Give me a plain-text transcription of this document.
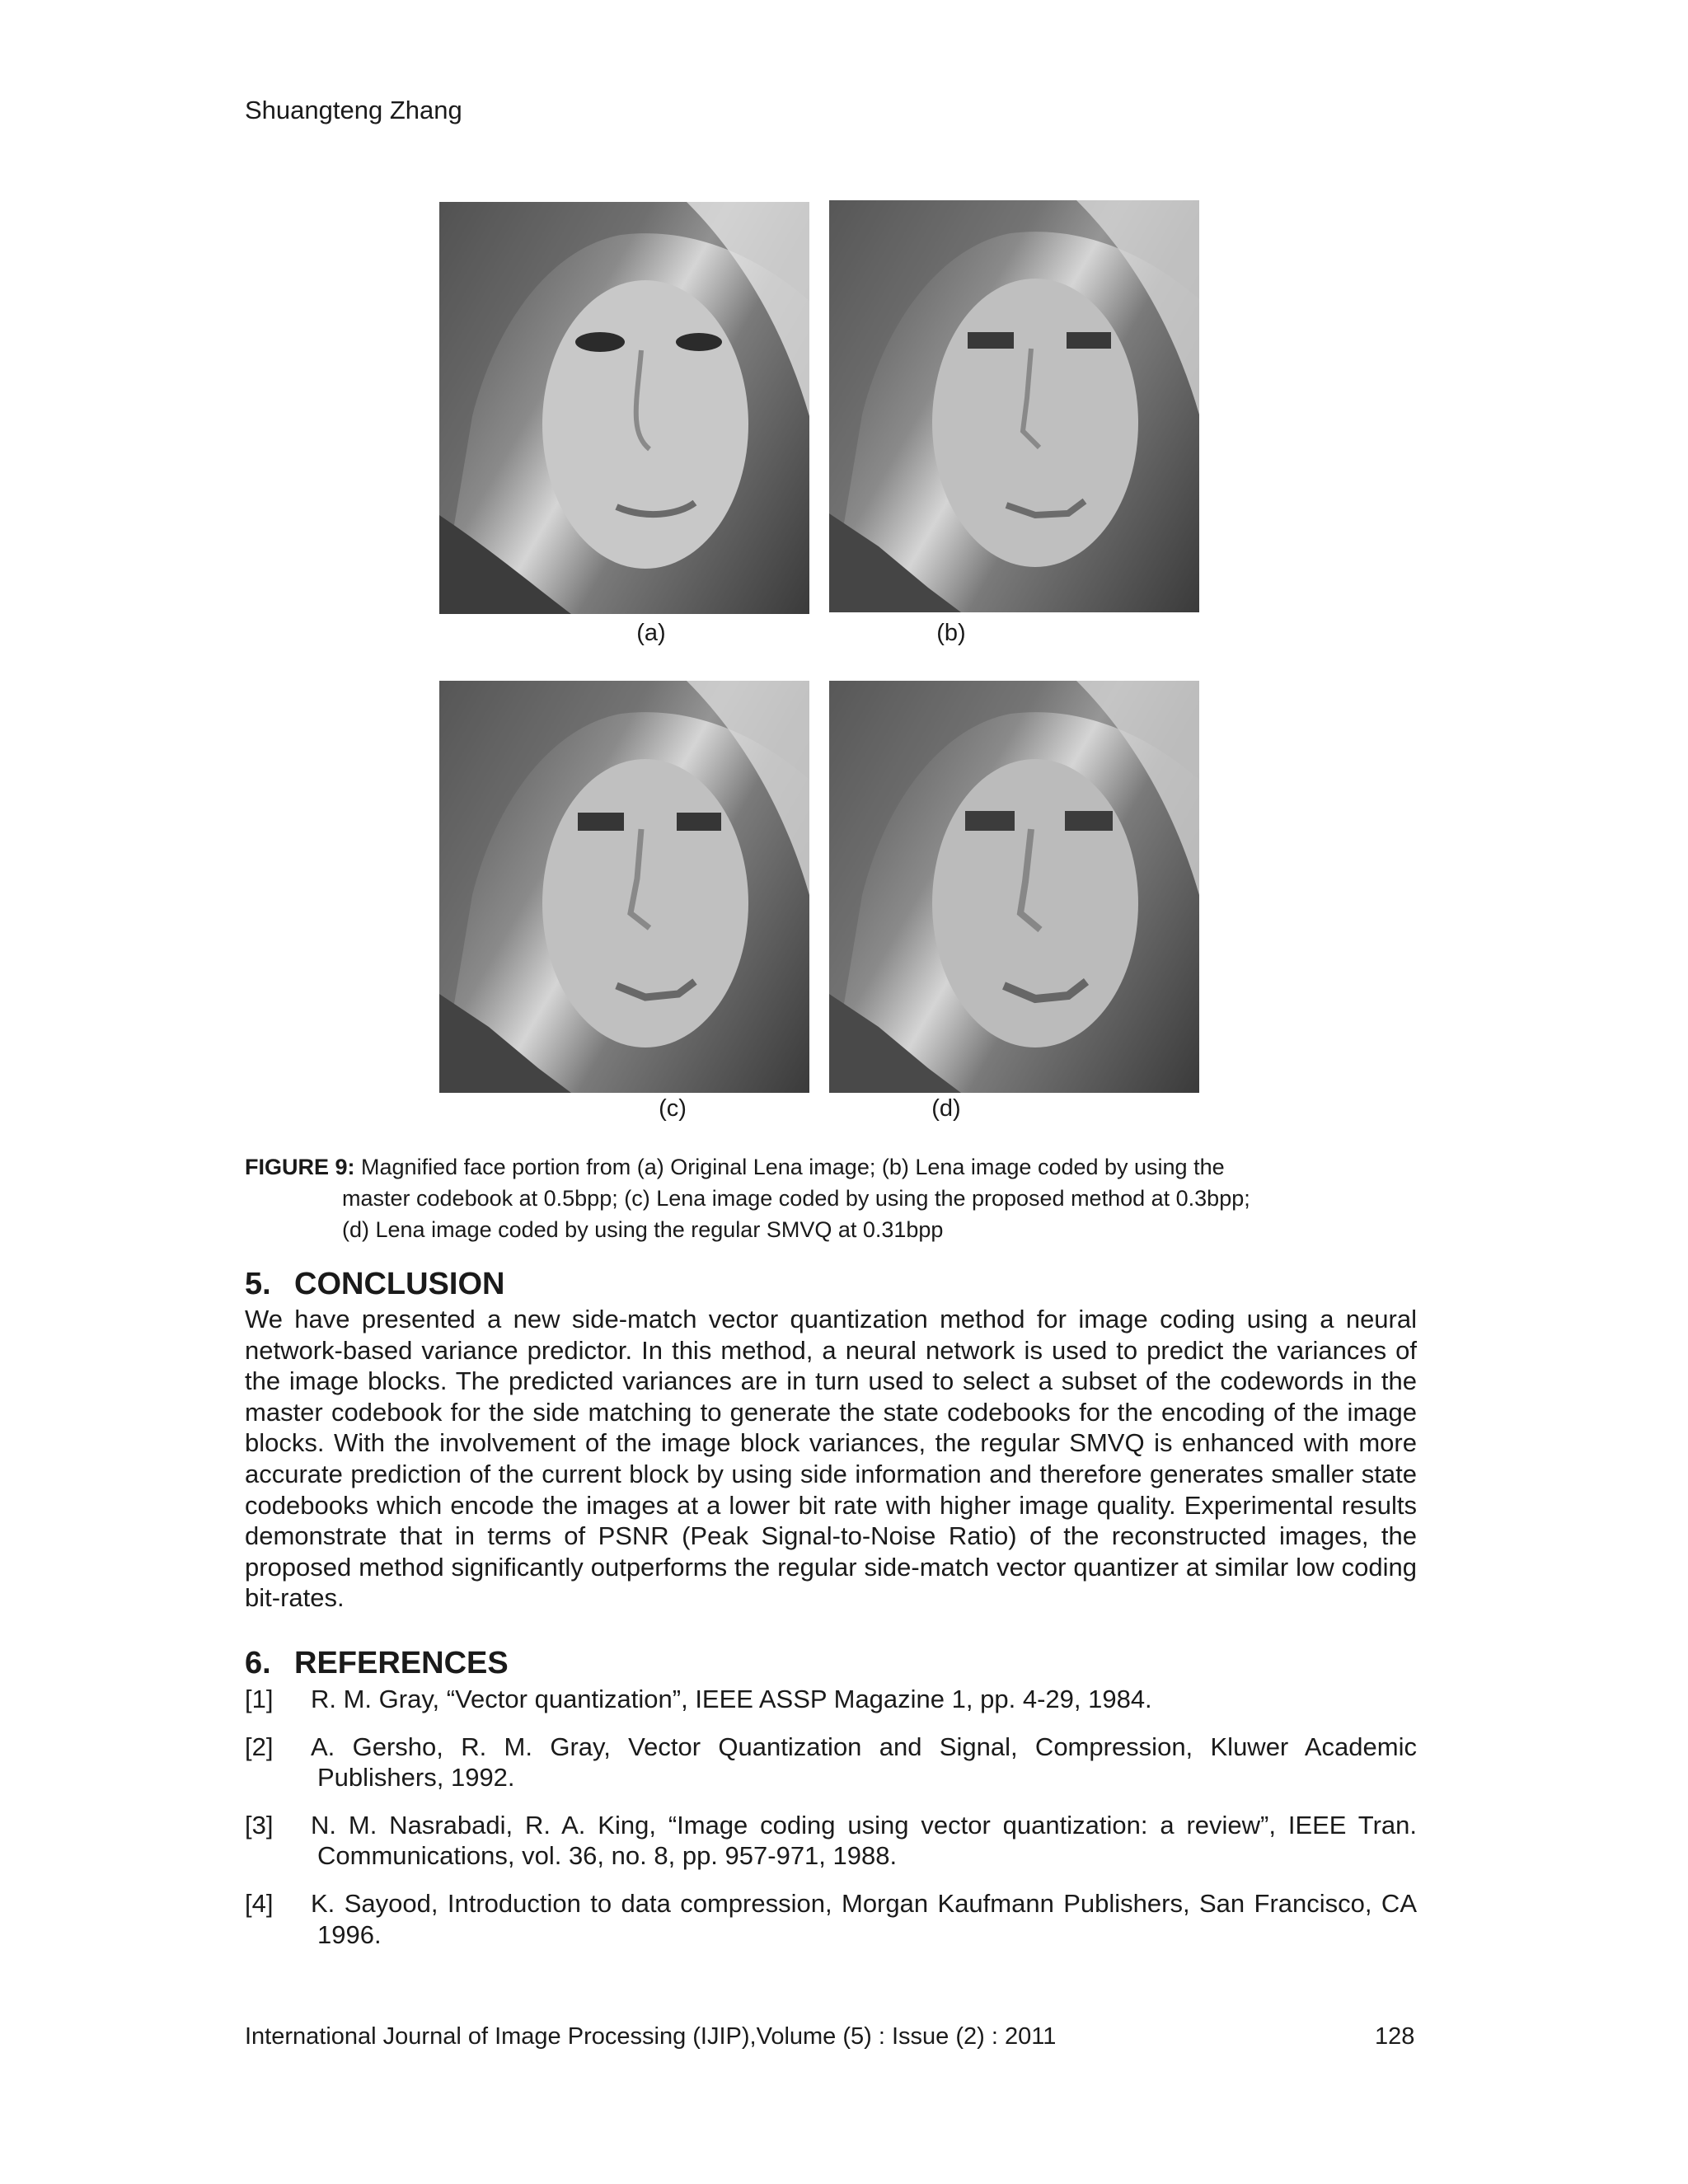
Shuangteng Zhang
(a)	(b)
(c)	(d)
FIGURE 9: Magnified face portion from (a) Original Lena image; (b) Lena image coded by using the
master codebook at 0.5bpp; (c) Lena image coded by using the proposed method at 0.3bpp;
(d) Lena image coded by using the regular SMVQ at 0.31bpp
5. CONCLUSION
We have presented a new side-match vector quantization method for image coding using a neural network-based variance predictor. In this method, a neural network is used to predict the variances of the image blocks. The predicted variances are in turn used to select a subset of the codewords in the master codebook for the side matching to generate the state codebooks for the encoding of the image blocks. With the involvement of the image block variances, the regular SMVQ is enhanced with more accurate prediction of the current block by using side information and therefore generates smaller state codebooks which encode the images at a lower bit rate with higher image quality. Experimental results demonstrate that in terms of PSNR (Peak Signal-to-Noise Ratio) of the reconstructed images, the proposed method significantly outperforms the regular side-match vector quantizer at similar low coding bit-rates.
6. REFERENCES
[1]	R. M. Gray, “Vector quantization”, IEEE ASSP Magazine 1, pp. 4-29, 1984.
[2]	A. Gersho, R. M. Gray, Vector Quantization and Signal, Compression, Kluwer Academic Publishers, 1992.
[3]	N. M. Nasrabadi, R. A. King, “Image coding using vector quantization: a review”, IEEE Tran. Communications, vol. 36, no. 8, pp. 957-971, 1988.
[4]	K. Sayood, Introduction to data compression, Morgan Kaufmann Publishers, San Francisco, CA 1996.
International Journal of Image Processing (IJIP),Volume (5) : Issue (2) : 2011	128
